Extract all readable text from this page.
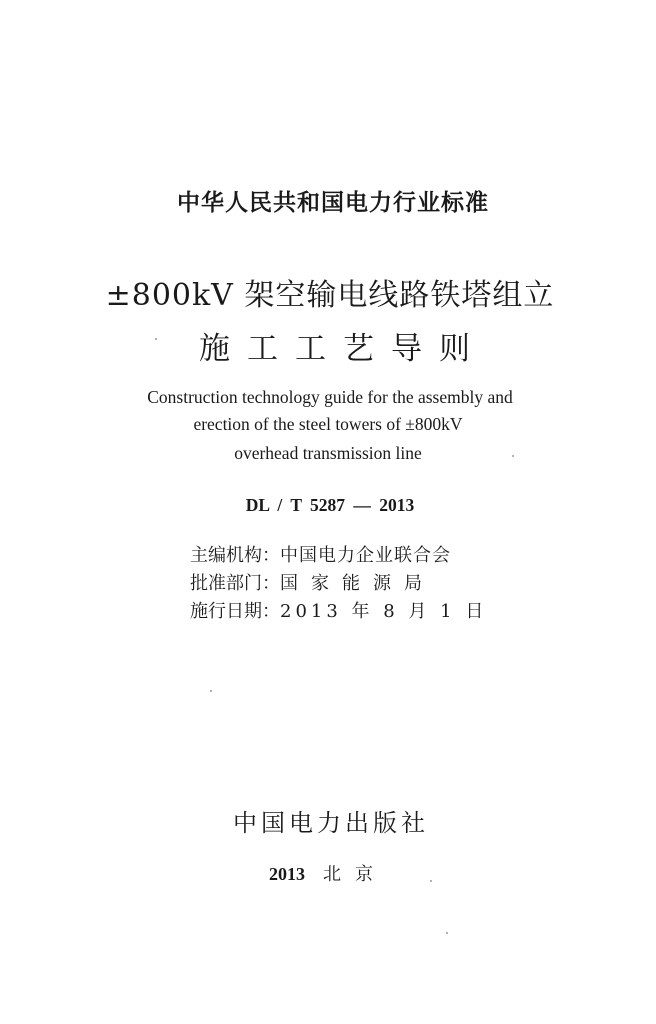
中华人民共和国电力行业标准
±800kV 架空输电线路铁塔组立
施工工艺导则
Construction technology guide for the assembly and
erection of the steel towers of ±800kV
overhead transmission line
DL / T 5287 — 2013
主编机构： 中国电力企业联合会
批准部门： 国家能源局
施行日期： 2013 年 8 月 1 日
中国电力出版社
2013 北京
